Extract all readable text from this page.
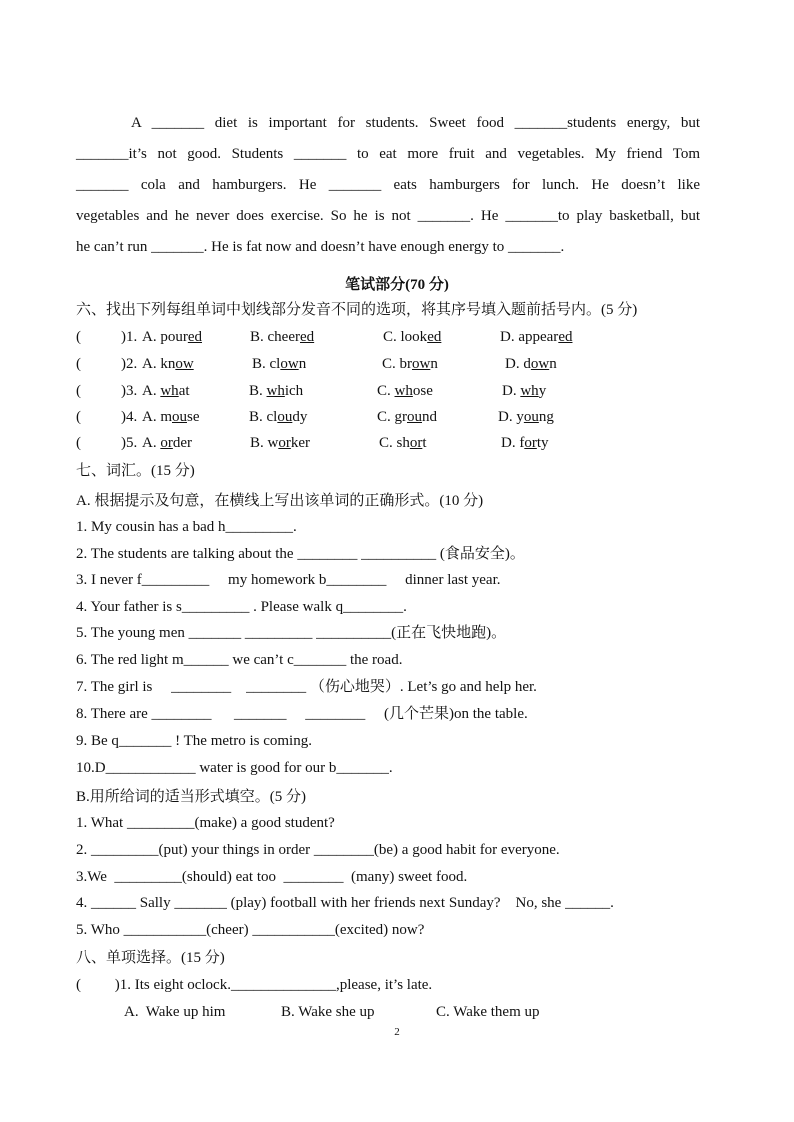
A _______ diet is important for students. Sweet food _______students energy, but

_______it’s not good. Students _______ to eat more fruit and vegetables. My friend Tom

_______ cola and hamburgers. He _______ eats hamburgers for lunch. He doesn’t like

vegetables and he never does exercise. So he is not _______. He _______to play basketball, but

he can’t run _______. He is fat now and doesn’t have enough energy to _______.

笔试部分(70 分)
六、找出下列每组单词中划线部分发音不同的选项，将其序号填入题前括号内。(5 分)
(	)1. A. poured	B. cheered	C. looked	D. appeared
(	)2. A. know	B. clown	C. brown	D. down
(	)3. A. what	B. which	C. whose	D. why
(	)4. A. mouse	B. cloudy	C. ground	D. young
(	)5. A. order	B. worker	C. short	D. forty
七、词汇。(15 分)
A. 根据提示及句意，在横线上写出该单词的正确形式。(10 分)
1. My cousin has a bad h_________.
2. The students are talking about the ________ __________ (食品安全)。
3. I never f_________     my homework b________     dinner last year.
4. Your father is s_________ . Please walk q________.
5. The young men _______ _________ __________(正在飞快地跑)。
6. The red light m______ we can’t c_______ the road.
7. The girl is     ________    ________ （伤心地哭）. Let’s go and help her.
8. There are ________      _______     ________     (几个芒果)on the table.
9. Be q_______ ! The metro is coming.
10.D____________ water is good for our b_______.
B.用所给词的适当形式填空。(5 分)
1. What _________(make) a good student?
2. _________(put) your things in order ________(be) a good habit for everyone.
3.We  _________(should) eat too  ________  (many) sweet food.
4. ______ Sally _______ (play) football with her friends next Sunday?    No, she ______.
5. Who ___________(cheer) ___________(excited) now?
八、单项选择。(15 分)
(         )1. Its eight oclock.______________,please, it’s late.
A.  Wake up him	B. Wake she up	C. Wake them up
2
